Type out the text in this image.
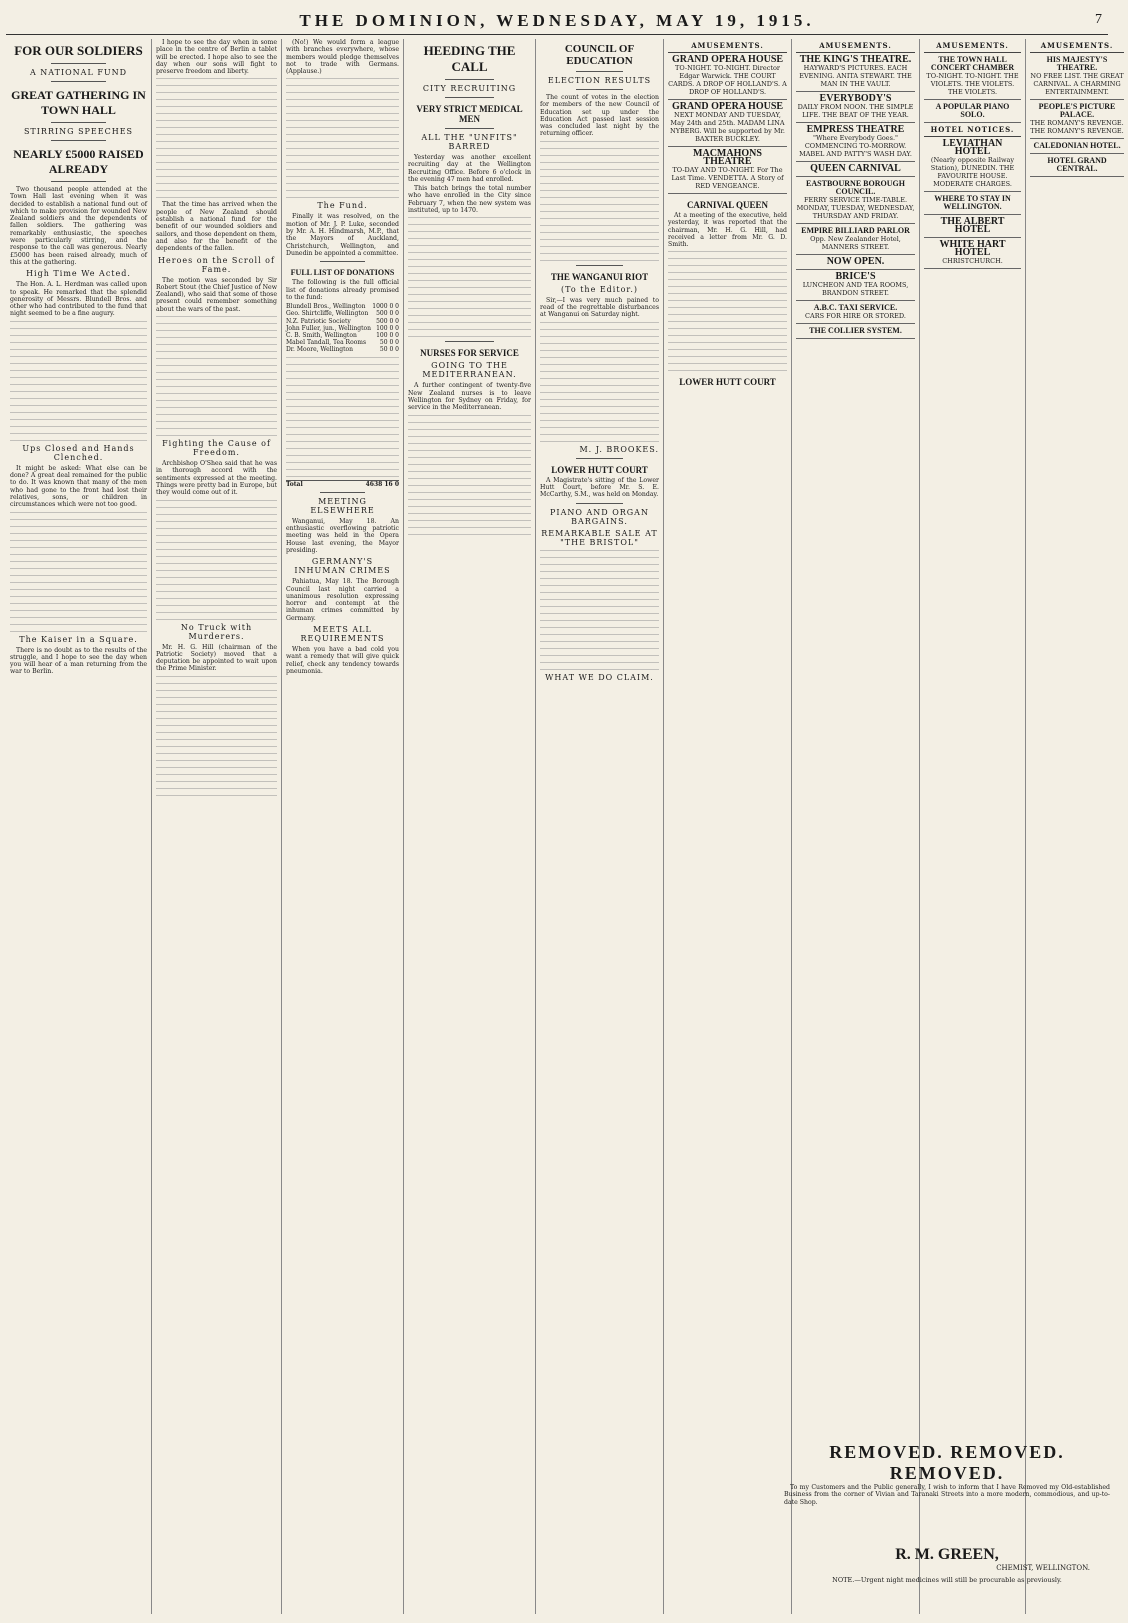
THE DOMINION, WEDNESDAY, MAY 19, 1915.	7
FOR OUR SOLDIERS
A NATIONAL FUND
GREAT GATHERING IN TOWN HALL
STIRRING SPEECHES
NEARLY £5000 RAISED ALREADY

Two thousand people attended at the Town Hall last evening when it was decided to establish a national fund out of which to make provision for wounded New Zealand soldiers and the dependents of fallen soldiers. The gathering was remarkably enthusiastic, the speeches were particularly stirring, and the response to the call was generous. Nearly £5000 has been raised already, much of this at the gathering.

High Time We Acted.

The Hon. A. L. Herdman was called upon to speak. He remarked that the splendid generosity of Messrs. Blundell Bros. and other who had contributed to the fund that night seemed to be a fine augury.

Ups Closed and Hands Clenched.

It might be asked: What else can be done? A great deal remained for the public to do. It was known that many of the men who had gone to the front had lost their relatives, sons, or children in circumstances which were not too good.

The Kaiser in a Square.

There is no doubt as to the results of the struggle, and I hope to see the day when you will hear of a man returning from the war to Berlin.

I hope to see the day when in some place in the centre of Berlin a tablet will be erected. I hope also to see the day when our sons will fight to preserve freedom and liberty.

That the time has arrived when the people of New Zealand should establish a national fund for the benefit of our wounded soldiers and sailors, and those dependent on them, and also for the benefit of the dependents of the fallen.

Heroes on the Scroll of Fame.

The motion was seconded by Sir Robert Stout (the Chief Justice of New Zealand), who said that some of those present could remember something about the wars of the past.

Fighting the Cause of Freedom.

Archbishop O'Shea said that he was in thorough accord with the sentiments expressed at the meeting. Things were pretty bad in Europe, but they would come out of it.

No Truck with Murderers.

Mr. H. G. Hill (chairman of the Patriotic Society) moved that a deputation be appointed to wait upon the Prime Minister.

(No!) We would form a league with branches everywhere, whose members would pledge themselves not to trade with Germans. (Applause.)

The Fund.

Finally it was resolved, on the motion of Mr. J. P. Luke, seconded by Mr. A. H. Hindmarsh, M.P., that the Mayors of Auckland, Christchurch, Wellington, and Dunedin be appointed a committee.

FULL LIST OF DONATIONS

The following is the full official list of donations already promised to the fund:

Blundell Bros., Wellington 1000 0 0
Geo. Shirtcliffe, Wellington 500 0 0
N.Z. Patriotic Society	500 0 0
John Fuller, jun., Wellington 100 0 0
C. B. Smith, Wellington	100 0 0
Mabel Tandall, Tea Rooms 50 0 0
Dr. Moore, Wellington	50 0 0
Total	4638 16 0
MEETING ELSEWHERE

Wanganui, May 18. An enthusiastic overflowing patriotic meeting was held in the Opera House last evening, the Mayor presiding.

GERMANY'S INHUMAN CRIMES

Pahiatua, May 18. The Borough Council last night carried a unanimous resolution expressing horror and contempt at the inhuman crimes committed by Germany.

MEETS ALL REQUIREMENTS

When you have a bad cold you want a remedy that will give quick relief, check any tendency towards pneumonia.

HEEDING THE CALL
CITY RECRUITING
VERY STRICT MEDICAL MEN
ALL THE "UNFITS" BARRED

Yesterday was another excellent recruiting day at the Wellington Recruiting Office. Before 6 o'clock in the evening 47 men had enrolled.

This batch brings the total number who have enrolled in the City since February 7, when the new system was instituted, up to 1470.

NURSES FOR SERVICE
GOING TO THE MEDITERRANEAN.

A further contingent of twenty-five New Zealand nurses is to leave Wellington for Sydney on Friday, for service in the Mediterranean.

COUNCIL OF EDUCATION
ELECTION RESULTS

The count of votes in the election for members of the new Council of Education set up under the Education Act passed last session was concluded last night by the returning officer.

THE WANGANUI RIOT
(To the Editor.)

Sir,—I was very much pained to read of the regrettable disturbances at Wanganui on Saturday night.

M. J. BROOKES.
LOWER HUTT COURT

A Magistrate's sitting of the Lower Hutt Court, before Mr. S. E. McCarthy, S.M., was held on Monday.

PIANO AND ORGAN BARGAINS.
REMARKABLE SALE AT "THE BRISTOL"
WHAT WE DO CLAIM.
AMUSEMENTS.
GRAND OPERA HOUSE
TO-NIGHT. TO-NIGHT. Director Edgar Warwick. THE COURT CARDS. A DROP OF HOLLAND'S. A DROP OF HOLLAND'S.
GRAND OPERA HOUSE
NEXT MONDAY AND TUESDAY, May 24th and 25th. MADAM LINA NYBERG. Will be supported by Mr. BAXTER BUCKLEY.
MACMAHONS THEATRE
TO-DAY AND TO-NIGHT. For The Last Time. VENDETTA. A Story of RED VENGEANCE.
CARNIVAL QUEEN

At a meeting of the executive, held yesterday, it was reported that the chairman, Mr. H. G. Hill, had received a letter from Mr. G. D. Smith.

LOWER HUTT COURT
AMUSEMENTS.
THE KING'S THEATRE.
HAYWARD'S PICTURES. EACH EVENING. ANITA STEWART. THE MAN IN THE VAULT.
EVERYBODY'S
DAILY FROM NOON. THE SIMPLE LIFE. THE BEAT OF THE YEAR.
EMPRESS THEATRE
"Where Everybody Goes." COMMENCING TO-MORROW. MABEL AND PATTY'S WASH DAY.
QUEEN CARNIVAL
EASTBOURNE BOROUGH COUNCIL.
FERRY SERVICE TIME-TABLE. MONDAY, TUESDAY, WEDNESDAY, THURSDAY AND FRIDAY.
EMPIRE BILLIARD PARLOR
Opp. New Zealander Hotel, MANNERS STREET.
NOW OPEN.
BRICE'S
LUNCHEON AND TEA ROOMS, BRANDON STREET.
A.B.C. TAXI SERVICE.
CARS FOR HIRE OR STORED.
THE COLLIER SYSTEM.
AMUSEMENTS.
THE TOWN HALL CONCERT CHAMBER
TO-NIGHT. TO-NIGHT. THE VIOLETS. THE VIOLETS. THE VIOLETS.
A POPULAR PIANO SOLO.
HOTEL NOTICES.
LEVIATHAN HOTEL
(Nearly opposite Railway Station), DUNEDIN. THE FAVOURITE HOUSE. MODERATE CHARGES.
WHERE TO STAY IN WELLINGTON.
THE ALBERT HOTEL
WHITE HART HOTEL
CHRISTCHURCH.
AMUSEMENTS.
HIS MAJESTY'S THEATRE.
NO FREE LIST. THE GREAT CARNIVAL. A CHARMING ENTERTAINMENT.
PEOPLE'S PICTURE PALACE.
THE ROMANY'S REVENGE. THE ROMANY'S REVENGE.
CALEDONIAN HOTEL.
HOTEL GRAND CENTRAL.
REMOVED. REMOVED. REMOVED.

To my Customers and the Public generally, I wish to inform that I have Removed my Old-established Business from the corner of Vivian and Taranaki Streets into a more modern, commodious, and up-to-date Shop.

R. M. GREEN,
CHEMIST, WELLINGTON.
NOTE.—Urgent night medicines will still be procurable as previously.
